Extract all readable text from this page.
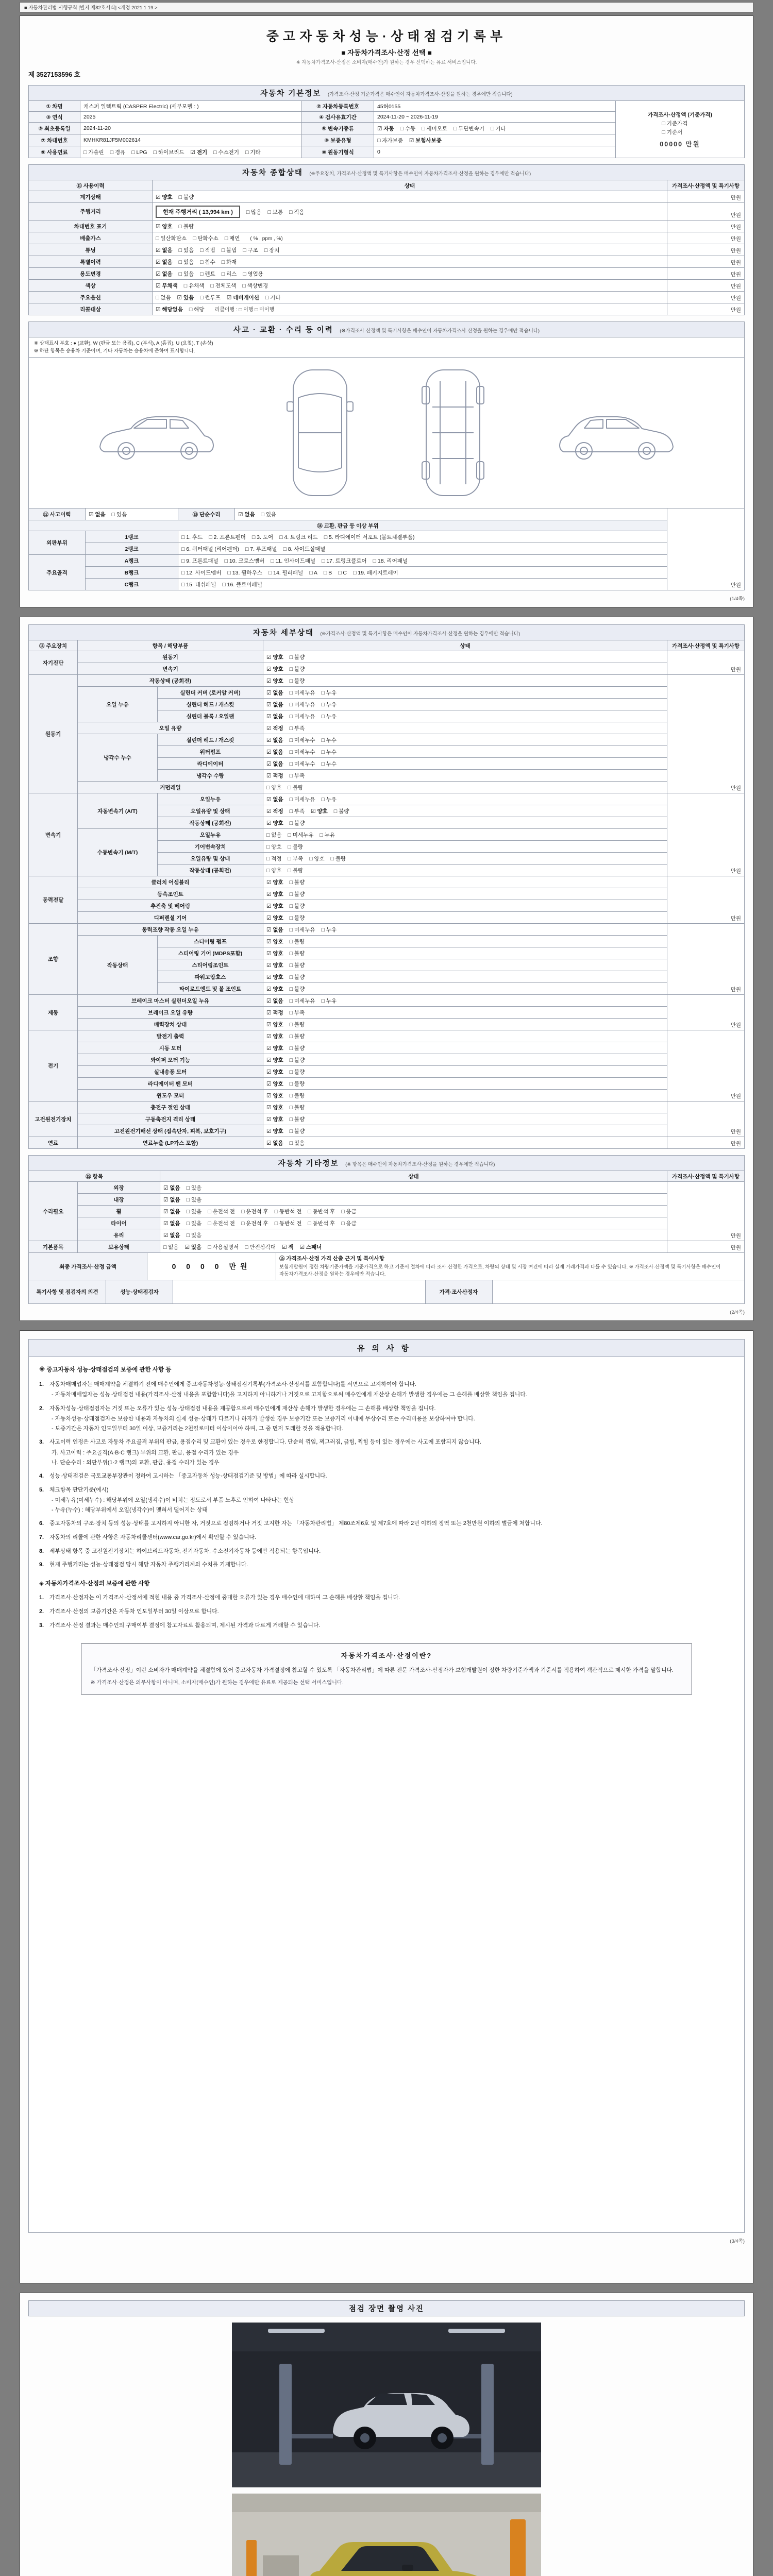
■ 자동차관리법 시행규칙 [별지 제82호서식] <개정 2021.1.19.>
중고자동차성능·상태점검기록부
■ 자동차가격조사·산정 선택 ■
※ 자동차가격조사·산정은 소비자(매수인)가 원하는 경우 선택하는 유료 서비스입니다.
제 3527153596 호
자동차 기본정보 (가격조사·산정 기준가격은 매수인이 자동차가격조사·산정을 원하는 경우에만 적습니다)
① 차명	캐스퍼 일렉트릭 (CASPER Electric) (세부모델 : )	② 자동차등록번호	45허0155	가격조사·산정액 (기준가격)
□ 기준가격
□ 기준서
00000 만원

③ 연식	2025	④ 검사유효기간	2024-11-20 ~ 2026-11-19	
⑤ 최초등록일	2024-11-20	⑥ 변속기종류	☑ 자동 □ 수동 □ 세미오토 □ 무단변속기 □ 기타	
⑦ 차대번호	KMHKR81JF5M002614	⑧ 보증유형	□ 자가보증 ☑ 보험사보증	
⑨ 사용연료	□ 가솔린 □ 경유 □ LPG □ 하이브리드 ☑ 전기 □ 수소전기 □ 기타	⑩ 원동기형식	0	
자동차 종합상태 (※주요장치, 가격조사·산정액 및 특기사항은 매수인이 자동차가격조사·산정을 원하는 경우에만 적습니다)
⑪ 사용이력	상태	가격조사·산정액 및 특기사항
계기상태	☑ 양호 □ 불량	만원
주행거리	현재 주행거리 ( 13,994 km ) □ 많음 □ 보통 □ 적음	만원
차대번호 표기	☑ 양호 □ 불량	만원
배출가스	□ 일산화탄소 □ 탄화수소 □ 매연 ( % , ppm , %)	만원
튜닝	☑ 없음 □ 있음 □ 적법 □ 불법 □ 구조 □ 장치	만원
특별이력	☑ 없음 □ 있음 □ 침수 □ 화재	만원
용도변경	☑ 없음 □ 있음 □ 렌트 □ 리스 □ 영업용	만원
색상	☑ 무채색 □ 유채색 □ 전체도색 □ 색상변경	만원
주요옵션	□ 없음 ☑ 있음 □ 썬루프 ☑ 네비게이션 □ 기타	만원
리콜대상	☑ 해당없음 □ 해당 리콜이행 : □ 이행 □ 미이행	만원
사고 · 교환 · 수리 등 이력 (※가격조사·산정액 및 특기사항은 매수인이 자동차가격조사·산정을 원하는 경우에만 적습니다)
※ 상태표시 부호 : ● (교환), W (판금 또는 용접), C (부식), A (흠집), U (요철), T (손상)
※ 하단 항목은 승용차 기준이며, 기타 자동차는 승용차에 준하여 표시합니다.
⑫ 사고이력	☑ 없음 □ 있음	⑬ 단순수리	☑ 없음 □ 있음	만원
⑭ 교환, 판금 등 이상 부위				
외판부위	1랭크	□ 1. 후드 □ 2. 프론트펜더 □ 3. 도어 □ 4. 트렁크 리드 □ 5. 라디에이터 서포트 (볼트체결부품)		
	2랭크	□ 6. 쿼터패널 (리어펜더) □ 7. 루프패널 □ 8. 사이드실패널		
주요골격	A랭크	□ 9. 프론트패널 □ 10. 크로스멤버 □ 11. 인사이드패널 □ 17. 트렁크플로어 □ 18. 리어패널		
	B랭크	□ 12. 사이드멤버 □ 13. 휠하우스 □ 14. 필러패널 □ A □ B □ C □ 19. 패키지트레이		
	C랭크	□ 15. 대쉬패널 □ 16. 플로어패널		
(1/4쪽)
자동차 세부상태 (※가격조사·산정액 및 특기사항은 매수인이 자동차가격조사·산정을 원하는 경우에만 적습니다)
⑭ 주요장치	항목 / 해당부품		상태	가격조사·산정액 및 특기사항
자기진단	원동기		☑ 양호 □ 불량	만원
	변속기		☑ 양호 □ 불량	
원동기	작동상태 (공회전)		☑ 양호 □ 불량	만원
	오일 누유	실린더 커버 (로커암 커버)	☑ 없음 □ 미세누유 □ 누유	
		실린더 헤드 / 개스킷	☑ 없음 □ 미세누유 □ 누유	
		실린더 블록 / 오일팬	☑ 없음 □ 미세누유 □ 누유	
	오일 유량		☑ 적정 □ 부족	
	냉각수 누수	실린더 헤드 / 개스킷	☑ 없음 □ 미세누수 □ 누수	
		워터펌프	☑ 없음 □ 미세누수 □ 누수	
		라디에이터	☑ 없음 □ 미세누수 □ 누수	
		냉각수 수량	☑ 적정 □ 부족	
	커먼레일		□ 양호 □ 불량	
변속기	자동변속기 (A/T)	오일누유	☑ 없음 □ 미세누유 □ 누유	만원
		오일유량 및 상태	☑ 적정 □ 부족 ☑ 양호 □ 불량	
		작동상태 (공회전)	☑ 양호 □ 불량	
	수동변속기 (M/T)	오일누유	□ 없음 □ 미세누유 □ 누유	
		기어변속장치	□ 양호 □ 불량	
		오일유량 및 상태	□ 적정 □ 부족 □ 양호 □ 불량	
		작동상태 (공회전)	□ 양호 □ 불량	
동력전달	클러치 어셈블리		☑ 양호 □ 불량	만원
	등속조인트		☑ 양호 □ 불량	
	추진축 및 베어링		☑ 양호 □ 불량	
	디퍼렌셜 기어		☑ 양호 □ 불량	
조향	동력조향 작동 오일 누유		☑ 없음 □ 미세누유 □ 누유	만원
	작동상태	스티어링 펌프	☑ 양호 □ 불량	
		스티어링 기어 (MDPS포함)	☑ 양호 □ 불량	
		스티어링조인트	☑ 양호 □ 불량	
		파워고압호스	☑ 양호 □ 불량	
		타이로드엔드 및 볼 조인트	☑ 양호 □ 불량	
제동	브레이크 마스터 실린더오일 누유		☑ 없음 □ 미세누유 □ 누유	만원
	브레이크 오일 유량		☑ 적정 □ 부족	
	배력장치 상태		☑ 양호 □ 불량	
전기	발전기 출력		☑ 양호 □ 불량	만원
	시동 모터		☑ 양호 □ 불량	
	와이퍼 모터 기능		☑ 양호 □ 불량	
	실내송풍 모터		☑ 양호 □ 불량	
	라디에이터 팬 모터		☑ 양호 □ 불량	
	윈도우 모터		☑ 양호 □ 불량	
고전원전기장치	충전구 절연 상태		☑ 양호 □ 불량	만원
	구동축전지 격리 상태		☑ 양호 □ 불량	
	고전원전기배선 상태 (접속단자, 피복, 보호기구)		☑ 양호 □ 불량	
연료	연료누출 (LP가스 포함)		☑ 없음 □ 있음	만원
자동차 기타정보 (※ 항목은 매수인이 자동차가격조사·산정을 원하는 경우에만 적습니다)
⑮ 항목		상태	가격조사·산정액 및 특기사항
수리필요	외장	☑ 없음 □ 있음	만원
	내장	☑ 없음 □ 있음	
	휠	☑ 없음 □ 있음 □ 운전석 전 □ 운전석 후 □ 동반석 전 □ 동반석 후 □ 응급	
	타이어	☑ 없음 □ 있음 □ 운전석 전 □ 운전석 후 □ 동반석 전 □ 동반석 후 □ 응급	
	유리	☑ 없음 □ 있음	
기본품목	보유상태	□ 없음 ☑ 있음 □ 사용설명서 □ 안전삼각대 ☑ 잭 ☑ 스패너	만원
최종 가격조사·산정 금액	0 0 0 0 만원	⑯ 가격조사·산정 가격 산출 근거 및 특이사항
보험개발원이 정한 차량기준가액을 기준가격으로 하고 기준서 절차에 따라 조사·산정한 가격으로, 차량의 상태 및 시장 여건에 따라 실제 거래가격과 다를 수 있습니다. ※ 가격조사·산정액 및 특기사항은 매수인이 자동차가격조사·산정을 원하는 경우에만 적습니다.
특기사항 및 점검자의 의견	성능·상태점검자		가격·조사산정자	
(2/4쪽)
유의사항
※ 중고자동차 성능·상태점검의 보증에 관한 사항 등
1.	자동차매매업자는 매매계약을 체결하기 전에 매수인에게 중고자동차성능·상태점검기록부(가격조사·산정서를 포함합니다)를 서면으로 고지하여야 합니다.
- 자동차매매업자는 성능·상태점검 내용(가격조사·산정 내용을 포함합니다)을 고지하지 아니하거나 거짓으로 고지함으로써 매수인에게 재산상 손해가 발생한 경우에는 그 손해를 배상할 책임을 집니다.
2.	자동차성능·상태점검자는 거짓 또는 오류가 있는 성능·상태점검 내용을 제공함으로써 매수인에게 재산상 손해가 발생한 경우에는 그 손해를 배상할 책임을 집니다.
- 자동차성능·상태점검자는 보증한 내용과 자동차의 실제 성능·상태가 다르거나 하자가 발생한 경우 보증기간 또는 보증거리 이내에 무상수리 또는 수리비용을 보상하여야 합니다.
- 보증기간은 자동차 인도일부터 30일 이상, 보증거리는 2천킬로미터 이상이어야 하며, 그 중 먼저 도래한 것을 적용합니다.
3.	사고이력 인정은 사고로 자동차 주요골격 부위의 판금, 용접수리 및 교환이 있는 경우로 한정합니다. 단순히 꺾임, 찌그러짐, 긁힘, 찍힘 등이 있는 경우에는 사고에 포함되지 않습니다.
가. 사고이력 : 주요골격(A·B·C 랭크) 부위의 교환, 판금, 용접 수리가 있는 경우
나. 단순수리 : 외판부위(1·2 랭크)의 교환, 판금, 용접 수리가 있는 경우
4.	성능·상태점검은 국토교통부장관이 정하여 고시하는 「중고자동차 성능·상태점검기준 및 방법」에 따라 실시합니다.
5.	체크항목 판단기준(예시)
- 미세누유(미세누수) : 해당부위에 오일(냉각수)이 비치는 정도로서 부품 노후로 인하여 나타나는 현상
- 누유(누수) : 해당부위에서 오일(냉각수)이 맺혀서 떨어지는 상태
6.	중고자동차의 구조·장치 등의 성능·상태를 고지하지 아니한 자, 거짓으로 점검하거나 거짓 고지한 자는 「자동차관리법」 제80조제6호 및 제7호에 따라 2년 이하의 징역 또는 2천만원 이하의 벌금에 처합니다.
7.	자동차의 리콜에 관한 사항은 자동차리콜센터(www.car.go.kr)에서 확인할 수 있습니다.
8.	세부상태 항목 중 고전원전기장치는 하이브리드자동차, 전기자동차, 수소전기자동차 등에만 적용되는 항목입니다.
9.	현재 주행거리는 성능·상태점검 당시 해당 자동차 주행거리계의 수치를 기재합니다.
◈ 자동차가격조사·산정의 보증에 관한 사항
1.	가격조사·산정자는 이 가격조사·산정서에 적힌 내용 중 가격조사·산정에 중대한 오류가 있는 경우 매수인에 대하여 그 손해를 배상할 책임을 집니다.
2.	가격조사·산정의 보증기간은 자동차 인도일부터 30일 이상으로 합니다.
3.	가격조사·산정 결과는 매수인의 구매여부 결정에 참고자료로 활용되며, 제시된 가격과 다르게 거래할 수 있습니다.
자동차가격조사·산정이란?
「가격조사·산정」이란 소비자가 매매계약을 체결함에 있어 중고자동차 가격결정에 참고할 수 있도록 「자동차관리법」에 따른 전문 가격조사·산정자가 보험개발원이 정한 차량기준가액과 기준서를 적용하여 객관적으로 제시한 가격을 말합니다.
※ 가격조사·산정은 의무사항이 아니며, 소비자(매수인)가 원하는 경우에만 유료로 제공되는 선택 서비스입니다.
(3/4쪽)
점검 장면 촬영 사진
